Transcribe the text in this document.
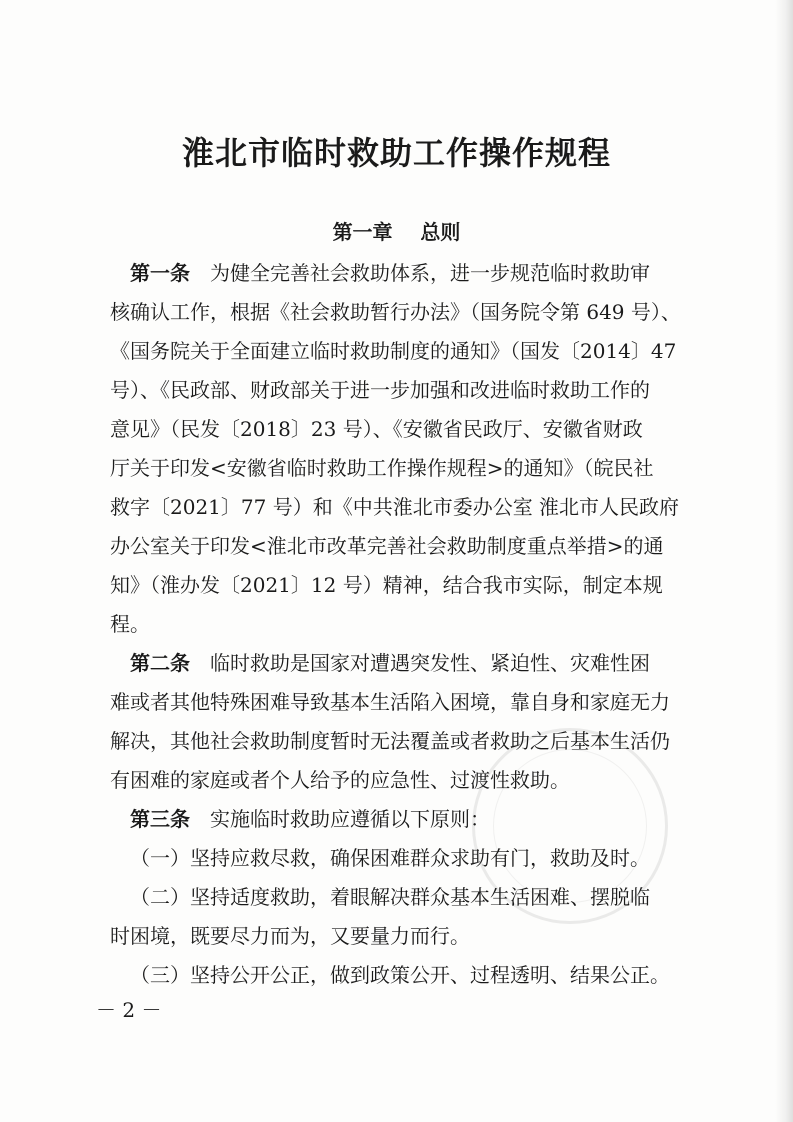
淮北市临时救助工作操作规程
第一章    总则
第一条　 为健全完善社会救助体系，进一步规范临时救助审
核确认工作，根据《社会救助暂行办法》（国务院令第 649 号）、
《国务院关于全面建立临时救助制度的通知》（国发〔2014〕47
号）、《民政部、财政部关于进一步加强和改进临时救助工作的
意见》（民发〔2018〕23 号）、《安徽省民政厅、安徽省财政
厅关于印发<安徽省临时救助工作操作规程>的通知》（皖民社
救字〔2021〕77 号）和《中共淮北市委办公室 淮北市人民政府
办公室关于印发<淮北市改革完善社会救助制度重点举措>的通
知》（淮办发〔2021〕12 号）精神，结合我市实际，制定本规
程。
第二条　 临时救助是国家对遭遇突发性、紧迫性、灾难性困
难或者其他特殊困难导致基本生活陷入困境，靠自身和家庭无力
解决，其他社会救助制度暂时无法覆盖或者救助之后基本生活仍
有困难的家庭或者个人给予的应急性、过渡性救助。
第三条　 实施临时救助应遵循以下原则：
（一）坚持应救尽救，确保困难群众求助有门，救助及时。
（二）坚持适度救助，着眼解决群众基本生活困难、摆脱临
时困境，既要尽力而为，又要量力而行。
（三）坚持公开公正，做到政策公开、过程透明、结果公正。
－ 2 －
